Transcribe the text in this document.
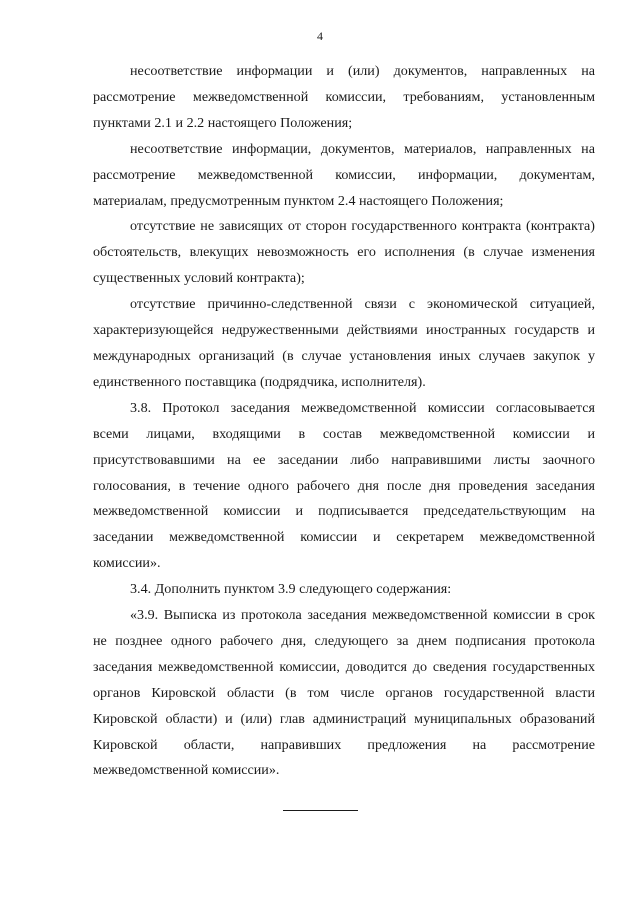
4

несоответствие информации и (или) документов, направленных на рассмотрение межведомственной комиссии, требованиям, установленным пунктами 2.1 и 2.2 настоящего Положения;

несоответствие информации, документов, материалов, направленных на рассмотрение межведомственной комиссии, информации, документам, материалам, предусмотренным пунктом 2.4 настоящего Положения;

отсутствие не зависящих от сторон государственного контракта (контракта) обстоятельств, влекущих невозможность его исполнения (в случае изменения существенных условий контракта);

отсутствие причинно-следственной связи с экономической ситуацией, характеризующейся недружественными действиями иностранных государств и международных организаций (в случае установления иных случаев закупок у единственного поставщика (подрядчика, исполнителя).

3.8. Протокол заседания межведомственной комиссии согласовывается всеми лицами, входящими в состав межведомственной комиссии и присутствовавшими на ее заседании либо направившими листы заочного голосования, в течение одного рабочего дня после дня проведения заседания межведомственной комиссии и подписывается председательствующим на заседании межведомственной комиссии и секретарем межведомственной комиссии».

3.4. Дополнить пунктом 3.9 следующего содержания:

«3.9. Выписка из протокола заседания межведомственной комиссии в срок не позднее одного рабочего дня, следующего за днем подписания протокола заседания межведомственной комиссии, доводится до сведения государственных органов Кировской области (в том числе органов государственной власти Кировской области) и (или) глав администраций муниципальных образований Кировской области, направивших предложения на рассмотрение межведомственной комиссии».
